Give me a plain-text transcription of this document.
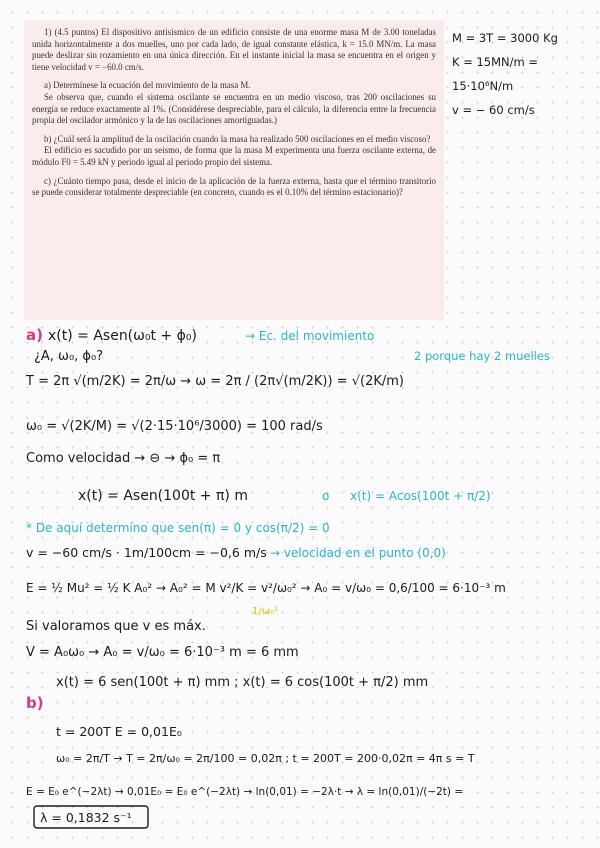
1) (4.5 puntos) El dispositivo antisísmico de un edificio consiste de una enorme masa M de 3.00 toneladas unida horizontalmente a dos muelles, uno por cada lado, de igual constante elástica, k = 15.0 MN/m. La masa puede deslizar sin rozamiento en una única dirección. En el instante inicial la masa se encuentra en el origen y tiene velocidad v = −60.0 cm/s.

a) Determínese la ecuación del movimiento de la masa M.

Se observa que, cuando el sistema oscilante se encuentra en un medio viscoso, tras 200 oscilaciones su energía se reduce exactamente al 1%. (Considérese despreciable, para el cálculo, la diferencia entre la frecuencia propia del oscilador armónico y la de las oscilaciones amortiguadas.)

b) ¿Cuál será la amplitud de la oscilación cuando la masa ha realizado 500 oscilaciones en el medio viscoso?

El edificio es sacudido por un seismo, de forma que la masa M experimenta una fuerza oscilante externa, de módulo F0 = 5.49 kN y periodo igual al periodo propio del sistema.

c) ¿Cuánto tiempo pasa, desde el inicio de la aplicación de la fuerza externa, hasta que el término transitorio se puede considerar totalmente despreciable (en concreto, cuando es el 0.10% del término estacionario)?

M = 3T = 3000 Kg
K = 15MN/m = 15·10⁶N/m
v = − 60 cm/s
a) x(t) = Asen(ω₀t + ϕ₀)	→ Ec. del movimiento
¿A, ω₀, ϕ₀?	2 porque hay 2 muelles
T = 2π √(m/2K) = 2π/ω → ω = 2π / (2π√(m/2K)) = √(2K/m)
ω₀ = √(2K/M) = √(2·15·10⁶/3000) = 100 rad/s
Como velocidad → ⊖ → ϕ₀ = π
x(t) = Asen(100t + π) m	o x(t) = Acos(100t + π/2)
* De aquí determino que sen(π) = 0 y cos(π/2) = 0
v = −60 cm/s · 1m/100cm = −0,6 m/s → velocidad en el punto (0,0)
E = ½ Mu² = ½ K A₀² → A₀² = M v²/K = v²/ω₀² → A₀ = v/ω₀ = 0,6/100 = 6·10⁻³ m
1/ω₀²
Si valoramos que v es máx.
V = A₀ω₀ → A₀ = v/ω₀ = 6·10⁻³ m = 6 mm
x(t) = 6 sen(100t + π) mm ; x(t) = 6 cos(100t + π/2) mm
b)
t = 200T E = 0,01E₀
ω₀ = 2π/T → T = 2π/ω₀ = 2π/100 = 0,02π ; t = 200T = 200·0,02π = 4π s = T
E = E₀ e^(−2λt) → 0,01E₀ = E₀ e^(−2λt) → ln(0,01) = −2λ·t → λ = ln(0,01)/(−2t) =
λ = 0,1832 s⁻¹
